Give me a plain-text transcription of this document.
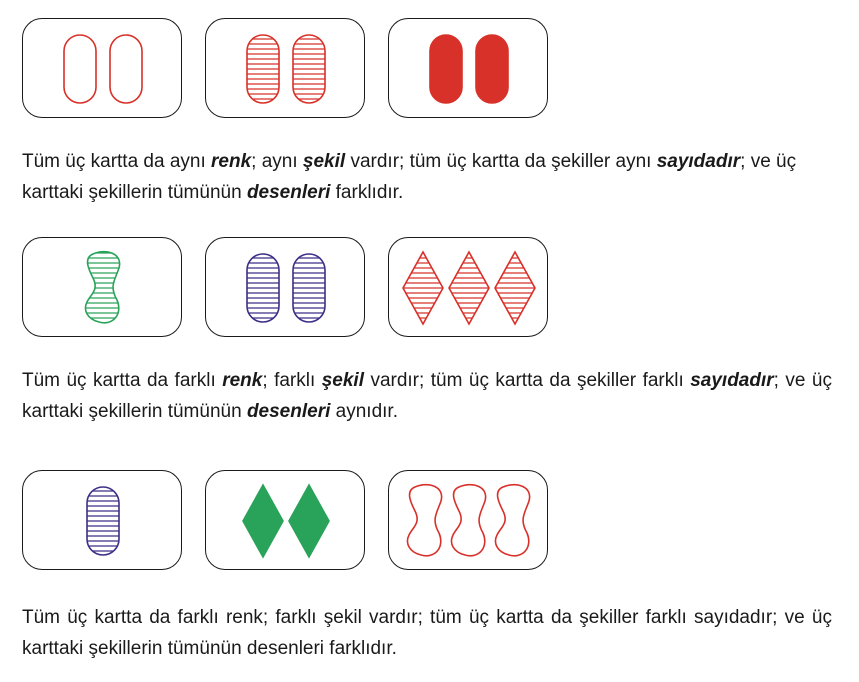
Tüm üç kartta da aynı renk; aynı şekil vardır; tüm üç kartta da şekiller aynı sayıdadır; ve üç karttaki şekillerin tümünün desenleri farklıdır.
Tüm üç kartta da farklı renk; farklı şekil vardır; tüm üç kartta da şekiller farklı sayıdadır; ve üç karttaki şekillerin tümünün desenleri aynıdır.
Tüm üç kartta da farklı renk; farklı şekil vardır; tüm üç kartta da şekiller farklı sayıdadır; ve üç karttaki şekillerin tümünün desenleri farklıdır.
